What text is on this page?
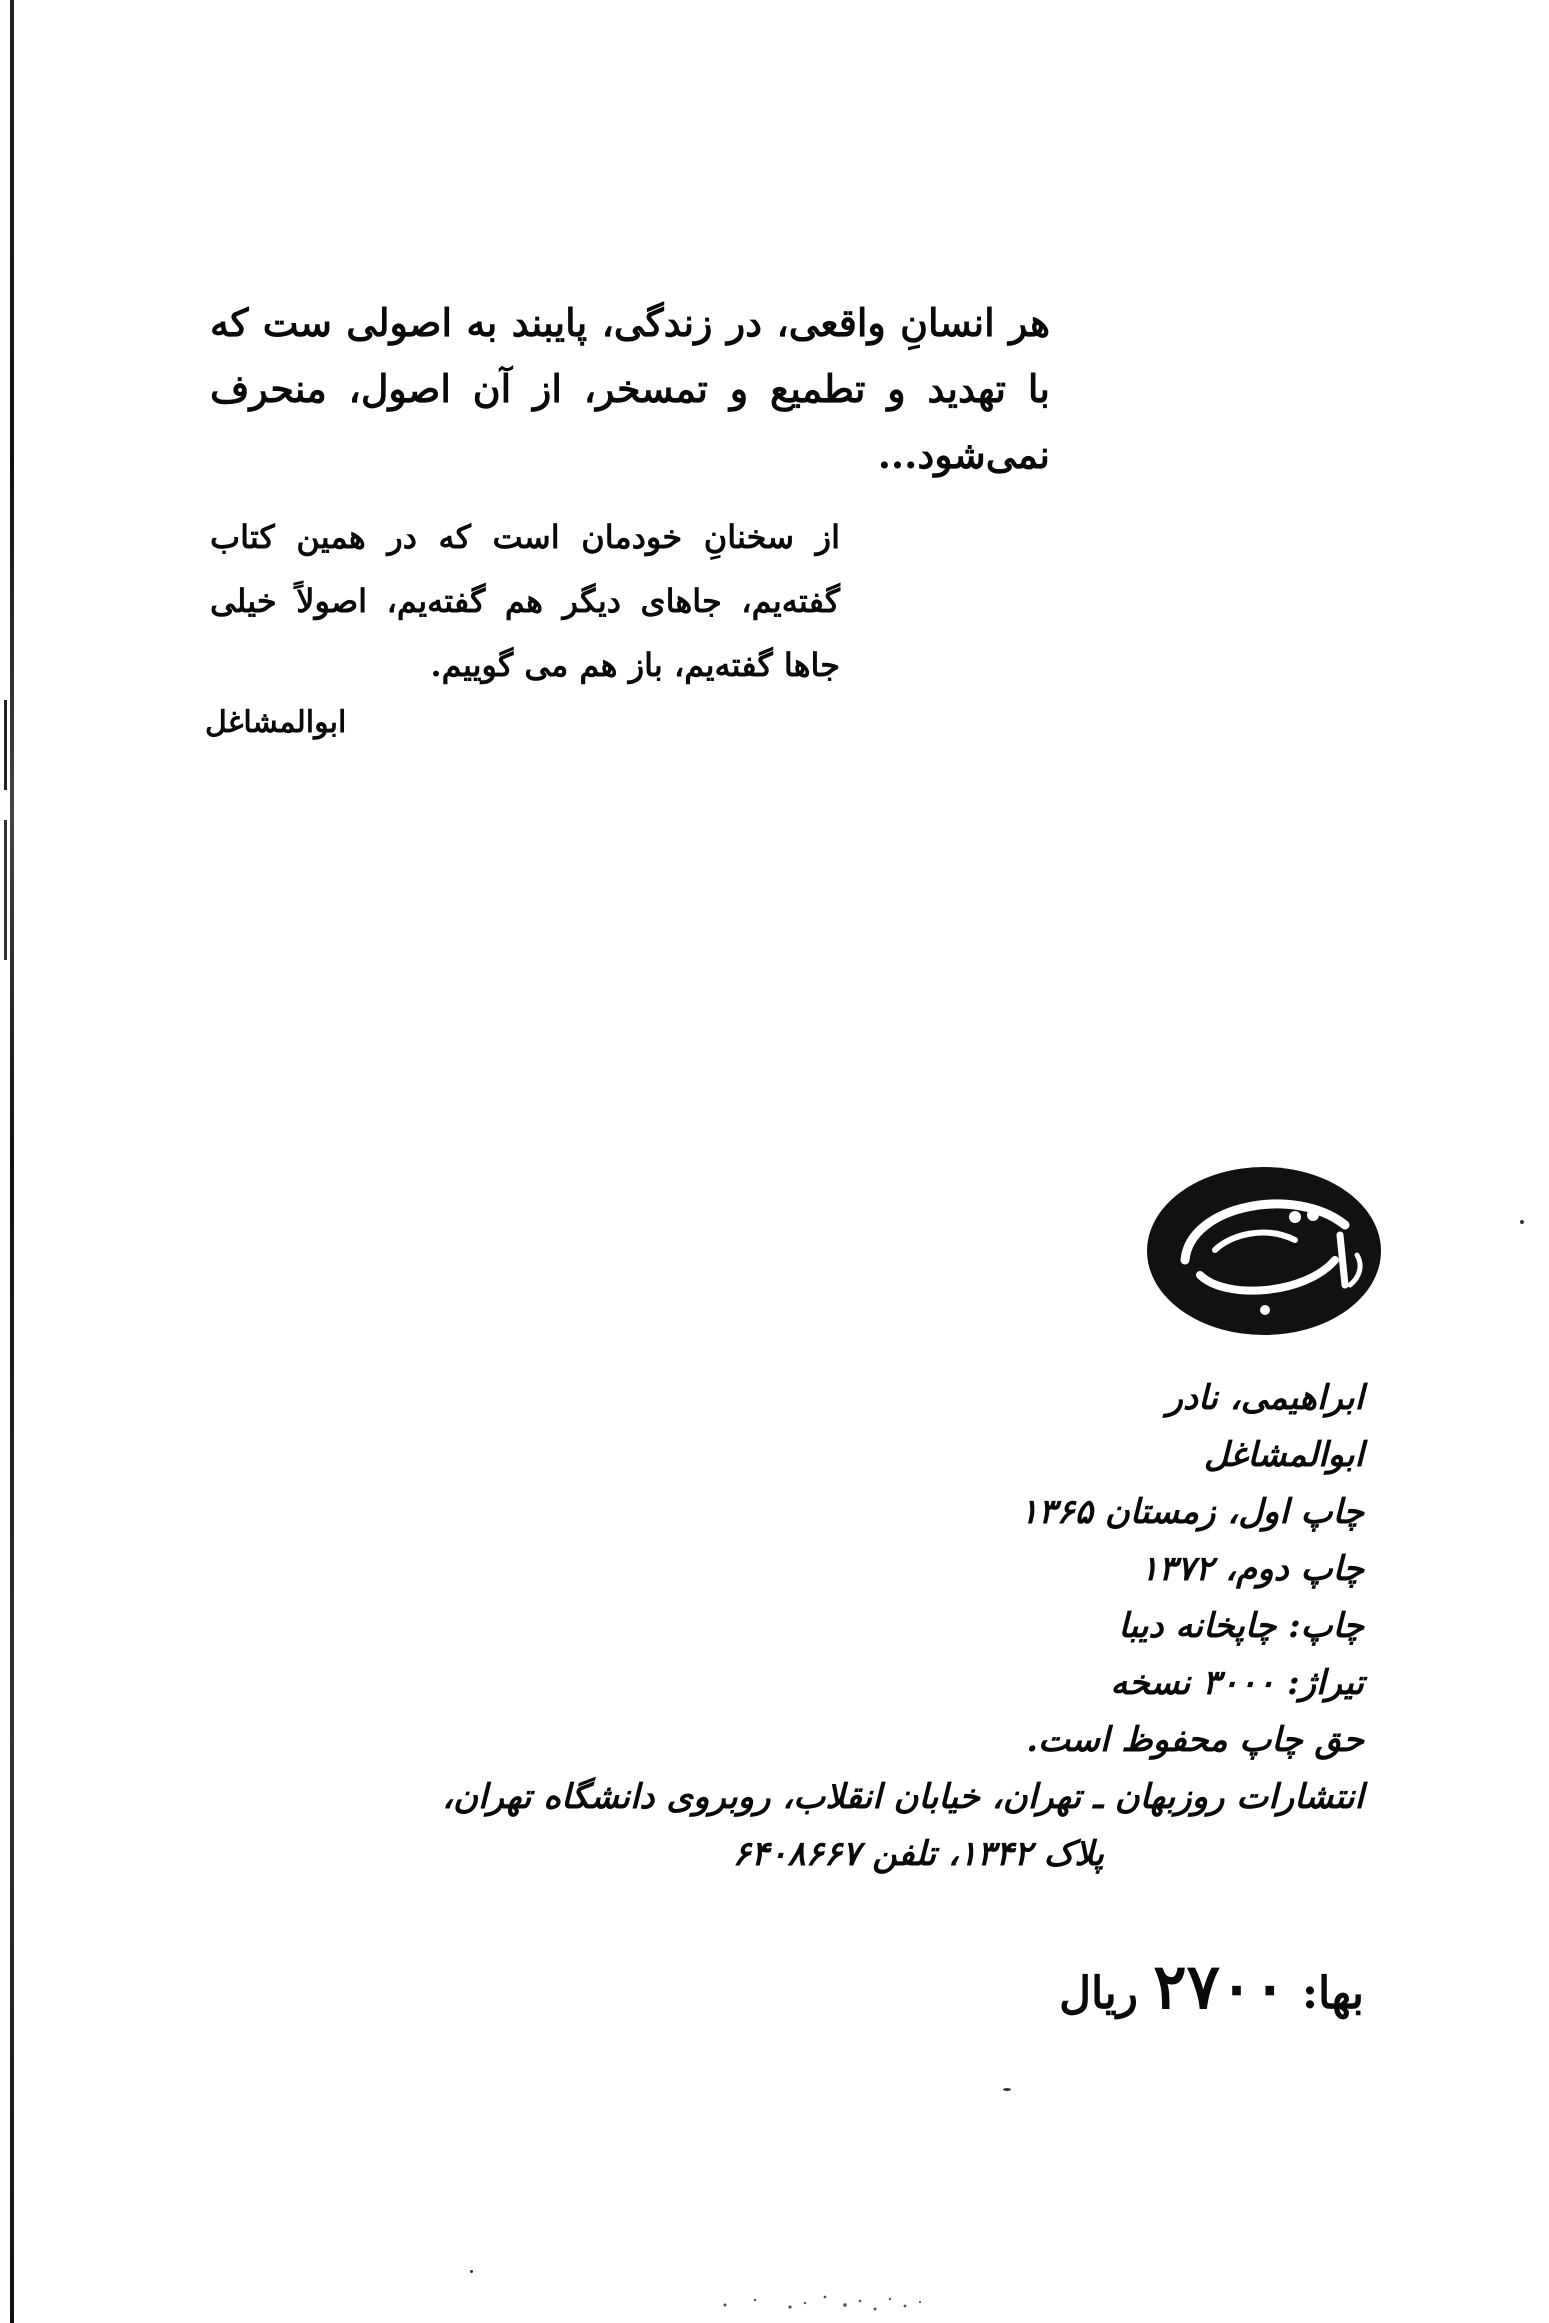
هر انسانِ واقعی، در زندگی، پایبند به اصولی ست که با تهدید و تطمیع و تمسخر، از آن اصول، منحرف نمی‌شود...

از سخنانِ خودمان است که در همین کتاب گفته‌یم، جاهای دیگر هم گفته‌یم، اصولاً خیلی جاها گفته‌یم، باز هم می گوییم.

ابوالمشاغل
ابراهیمی، نادر
ابوالمشاغل
چاپ اول، زمستان ۱۳۶۵
چاپ دوم، ۱۳۷۲
چاپ: چاپخانه دیبا
تیراژ: ۳۰۰۰ نسخه
حق چاپ محفوظ است.
انتشارات روزبهان ـ تهران، خیابان انقلاب، روبروی دانشگاه تهران،
پلاک ۱۳۴۲، تلفن ۶۴۰۸۶۶۷
بها: ۲۷۰۰ ریال
